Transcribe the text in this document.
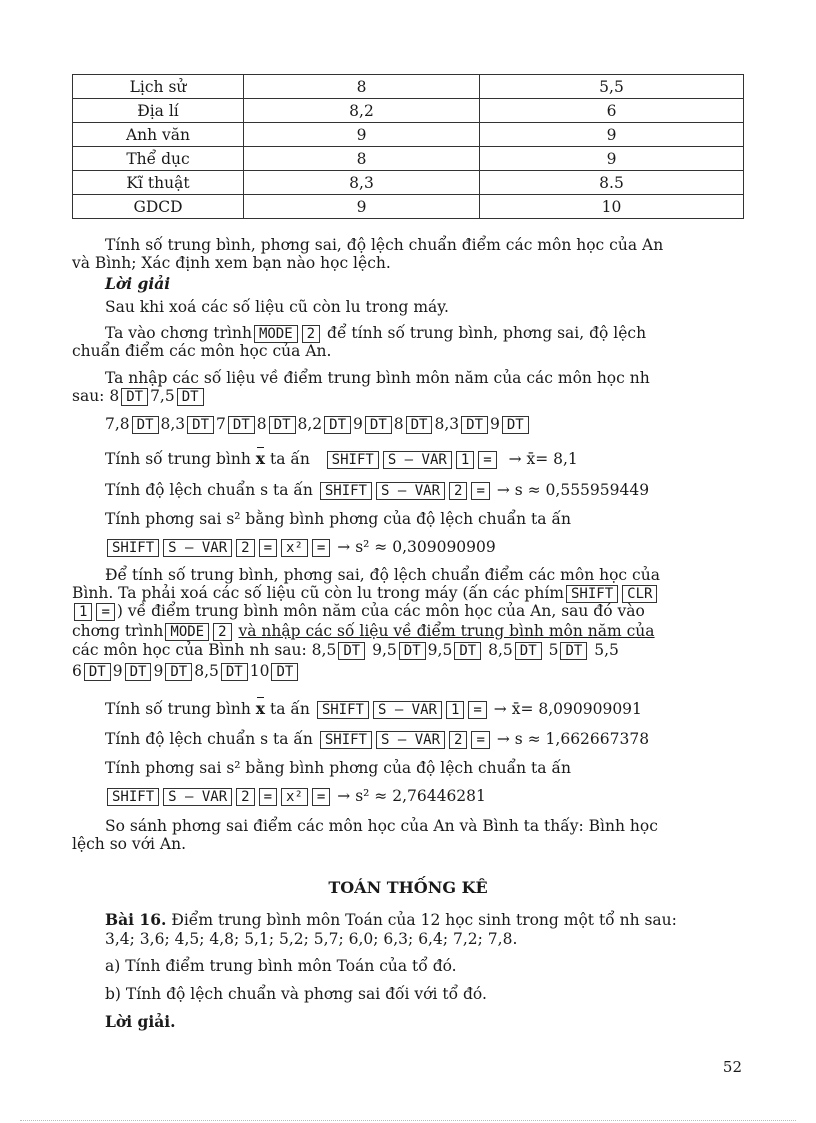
Lịch sử	8	5,5
Địa lí	8,2	6
Anh văn	9	9
Thể dục	8	9
Kĩ thuật	8,3	8.5
GDCD	9	10
Tính số trung bình, phơng sai, độ lệch chuẩn điểm các môn học của An
và Bình; Xác định xem bạn nào học lệch.
Lời giải
Sau khi xoá các số liệu cũ còn lu trong máy.
Ta vào chơng trình MODE 2 để tính số trung bình, phơng sai, độ lệch
chuẩn điểm các môn học của An.
Ta nhập các số liệu về điểm trung bình môn năm của các môn học nh
sau: 8 DT 7,5 DT
7,8 DT 8,3 DT 7 DT 8 DT 8,2 DT 9 DT 8 DT 8,3 DT 9 DT
Tính số trung bình x ta ấn SHIFT S – VAR 1 = → x̄= 8,1
Tính độ lệch chuẩn s ta ấn SHIFT S – VAR 2 = → s ≈ 0,555959449
Tính phơng sai s² bằng bình phơng của độ lệch chuẩn ta ấn
SHIFT S – VAR 2 = x² = → s² ≈ 0,309090909
Để tính số trung bình, phơng sai, độ lệch chuẩn điểm các môn học của
Bình. Ta phải xoá các số liệu cũ còn lu trong máy (ấn các phím SHIFT CLR
1 = ) về điểm trung bình môn năm của các môn học của An, sau đó vào
chơng trình MODE 2 và nhập các số liệu về điểm trung bình môn năm của
các môn học của Bình nh sau: 8,5 DT 9,5 DT 9,5 DT 8,5 DT 5 DT 5,5
6 DT 9 DT 9 DT 8,5 DT 10 DT
Tính số trung bình x ta ấn SHIFT S – VAR 1 = → x̄= 8,090909091
Tính độ lệch chuẩn s ta ấn SHIFT S – VAR 2 = → s ≈ 1,662667378
Tính phơng sai s² bằng bình phơng của độ lệch chuẩn ta ấn
SHIFT S – VAR 2 = x² = → s² ≈ 2,76446281
So sánh phơng sai điểm các môn học của An và Bình ta thấy: Bình học
lệch so với An.
TOÁN THỐNG KÊ
Bài 16. Điểm trung bình môn Toán của 12 học sinh trong một tổ nh sau:
3,4; 3,6; 4,5; 4,8; 5,1; 5,2; 5,7; 6,0; 6,3; 6,4; 7,2; 7,8.
a) Tính điểm trung bình môn Toán của tổ đó.
b) Tính độ lệch chuẩn và phơng sai đối với tổ đó.
Lời giải.
52
